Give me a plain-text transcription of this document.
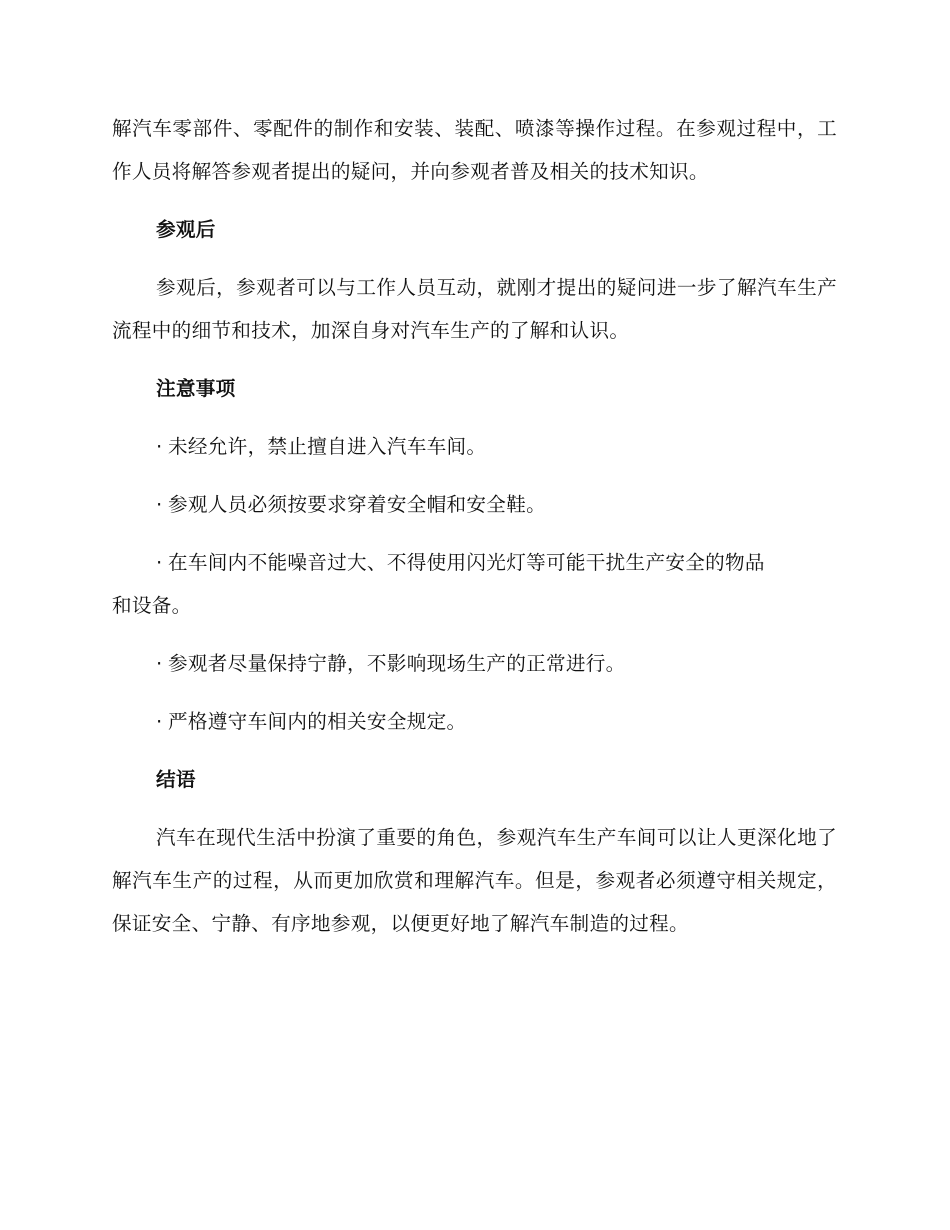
解汽车零部件、零配件的制作和安装、装配、喷漆等操作过程。在参观过程中，工作人员将解答参观者提出的疑问，并向参观者普及相关的技术知识。

参观后

参观后，参观者可以与工作人员互动，就刚才提出的疑问进一步了解汽车生产流程中的细节和技术，加深自身对汽车生产的了解和认识。

注意事项
· 未经允许，禁止擅自进入汽车车间。
· 参观人员必须按要求穿着安全帽和安全鞋。
· 在车间内不能噪音过大、不得使用闪光灯等可能干扰生产安全的物品
和设备。
· 参观者尽量保持宁静，不影响现场生产的正常进行。
· 严格遵守车间内的相关安全规定。
结语

汽车在现代生活中扮演了重要的角色，参观汽车生产车间可以让人更深化地了解汽车生产的过程，从而更加欣赏和理解汽车。但是，参观者必须遵守相关规定，保证安全、宁静、有序地参观，以便更好地了解汽车制造的过程。
